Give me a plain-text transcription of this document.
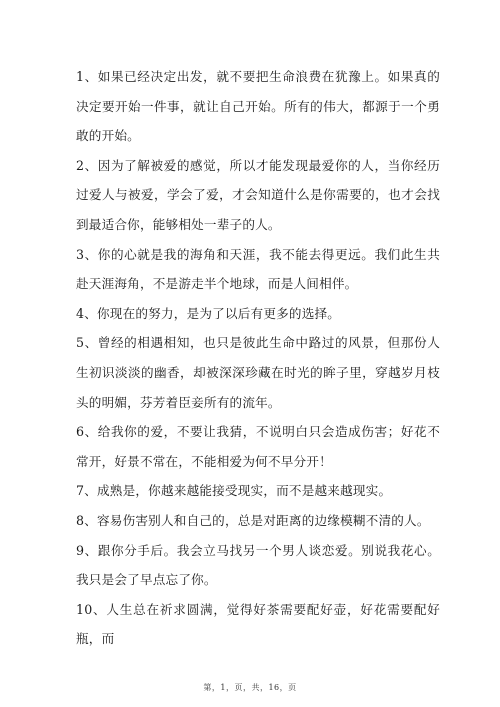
1、如果已经决定出发，就不要把生命浪费在犹豫上。如果真的决定要开始一件事，就让自己开始。所有的伟大，都源于一个勇敢的开始。

2、因为了解被爱的感觉，所以才能发现最爱你的人，当你经历过爱人与被爱，学会了爱，才会知道什么是你需要的，也才会找到最适合你，能够相处一辈子的人。

3、你的心就是我的海角和天涯，我不能去得更远。我们此生共赴天涯海角，不是游走半个地球，而是人间相伴。

4、你现在的努力，是为了以后有更多的选择。

5、曾经的相遇相知，也只是彼此生命中路过的风景，但那份人生初识淡淡的幽香，却被深深珍藏在时光的眸子里，穿越岁月枝头的明媚，芬芳着臣妾所有的流年。

6、给我你的爱，不要让我猜，不说明白只会造成伤害；好花不常开，好景不常在，不能相爱为何不早分开！

7、成熟是，你越来越能接受现实，而不是越来越现实。

8、容易伤害别人和自己的，总是对距离的边缘模糊不清的人。

9、跟你分手后。我会立马找另一个男人谈恋爱。别说我花心。我只是会了早点忘了你。

10、人生总在祈求圆满，觉得好茶需要配好壶，好花需要配好瓶，而

第，1，页，共，16，页
